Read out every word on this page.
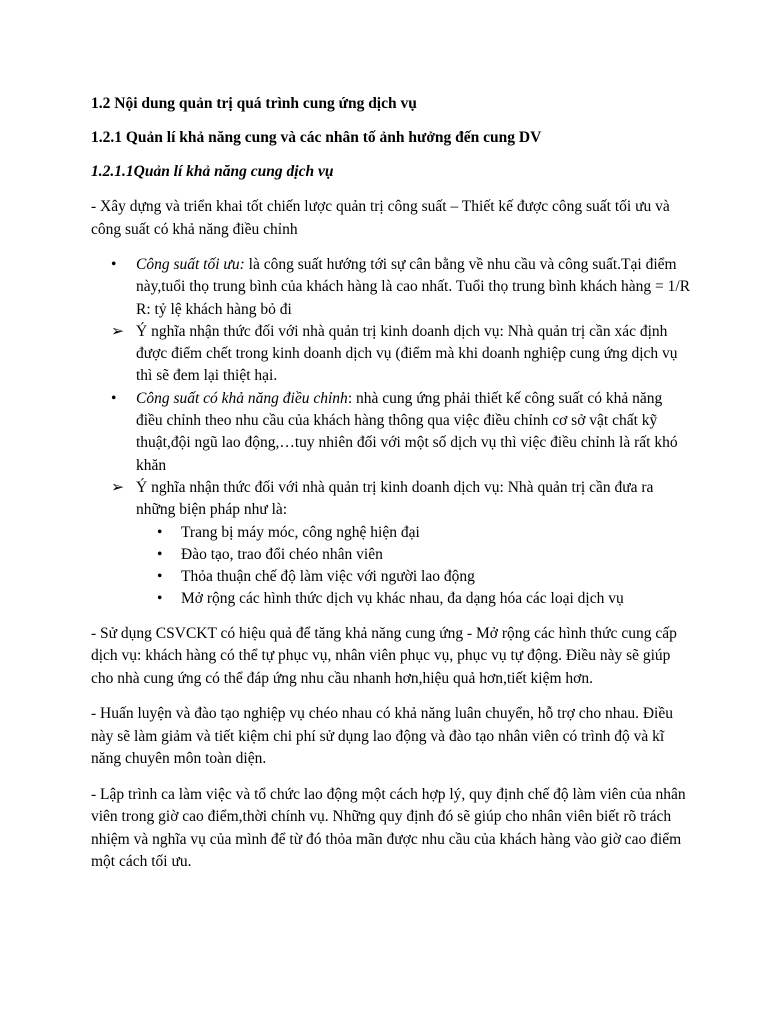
1.2 Nội dung quản trị quá trình cung ứng dịch vụ

1.2.1 Quản lí khả năng cung và các nhân tố ảnh hưởng đến cung DV

1.2.1.1Quản lí khả năng cung dịch vụ

- Xây dựng và triển khai tốt chiến lược quản trị công suất – Thiết kế được công suất tối ưu và công suất có khả năng điều chỉnh

• Công suất tối ưu: là công suất hướng tới sự cân bằng về nhu cầu và công suất.Tại điểm này,tuổi thọ trung bình của khách hàng là cao nhất. Tuổi thọ trung bình khách hàng = 1/R R: tỷ lệ khách hàng bỏ đi
➢ Ý nghĩa nhận thức đối với nhà quản trị kinh doanh dịch vụ: Nhà quản trị cần xác định được điểm chết trong kinh doanh dịch vụ (điểm mà khi doanh nghiệp cung ứng dịch vụ thì sẽ đem lại thiệt hại.
• Công suất có khả năng điều chỉnh: nhà cung ứng phải thiết kế công suất có khả năng điều chỉnh theo nhu cầu của khách hàng thông qua việc điều chỉnh cơ sở vật chất kỹ thuật,đội ngũ lao động,…tuy nhiên đối với một số dịch vụ thì việc điều chỉnh là rất khó khăn
➢ Ý nghĩa nhận thức đối với nhà quản trị kinh doanh dịch vụ: Nhà quản trị cần đưa ra những biện pháp như là:
• Trang bị máy móc, công nghệ hiện đại
• Đào tạo, trao đổi chéo nhân viên
• Thỏa thuận chế độ làm việc với người lao động
• Mở rộng các hình thức dịch vụ khác nhau, đa dạng hóa các loại dịch vụ

- Sử dụng CSVCKT có hiệu quả để tăng khả năng cung ứng - Mở rộng các hình thức cung cấp dịch vụ: khách hàng có thể tự phục vụ, nhân viên phục vụ, phục vụ tự động. Điều này sẽ giúp cho nhà cung ứng có thể đáp ứng nhu cầu nhanh hơn,hiệu quả hơn,tiết kiệm hơn.

- Huấn luyện và đào tạo nghiệp vụ chéo nhau có khả năng luân chuyển, hỗ trợ cho nhau. Điều này sẽ làm giảm và tiết kiệm chi phí sử dụng lao động và đào tạo nhân viên có trình độ và kĩ năng chuyên môn toàn diện.

- Lập trình ca làm việc và tổ chức lao động một cách hợp lý, quy định chế độ làm viên của nhân viên trong giờ cao điểm,thời chính vụ. Những quy định đó sẽ giúp cho nhân viên biết rõ trách nhiệm và nghĩa vụ của mình để từ đó thỏa mãn được nhu cầu của khách hàng vào giờ cao điểm một cách tối ưu.
